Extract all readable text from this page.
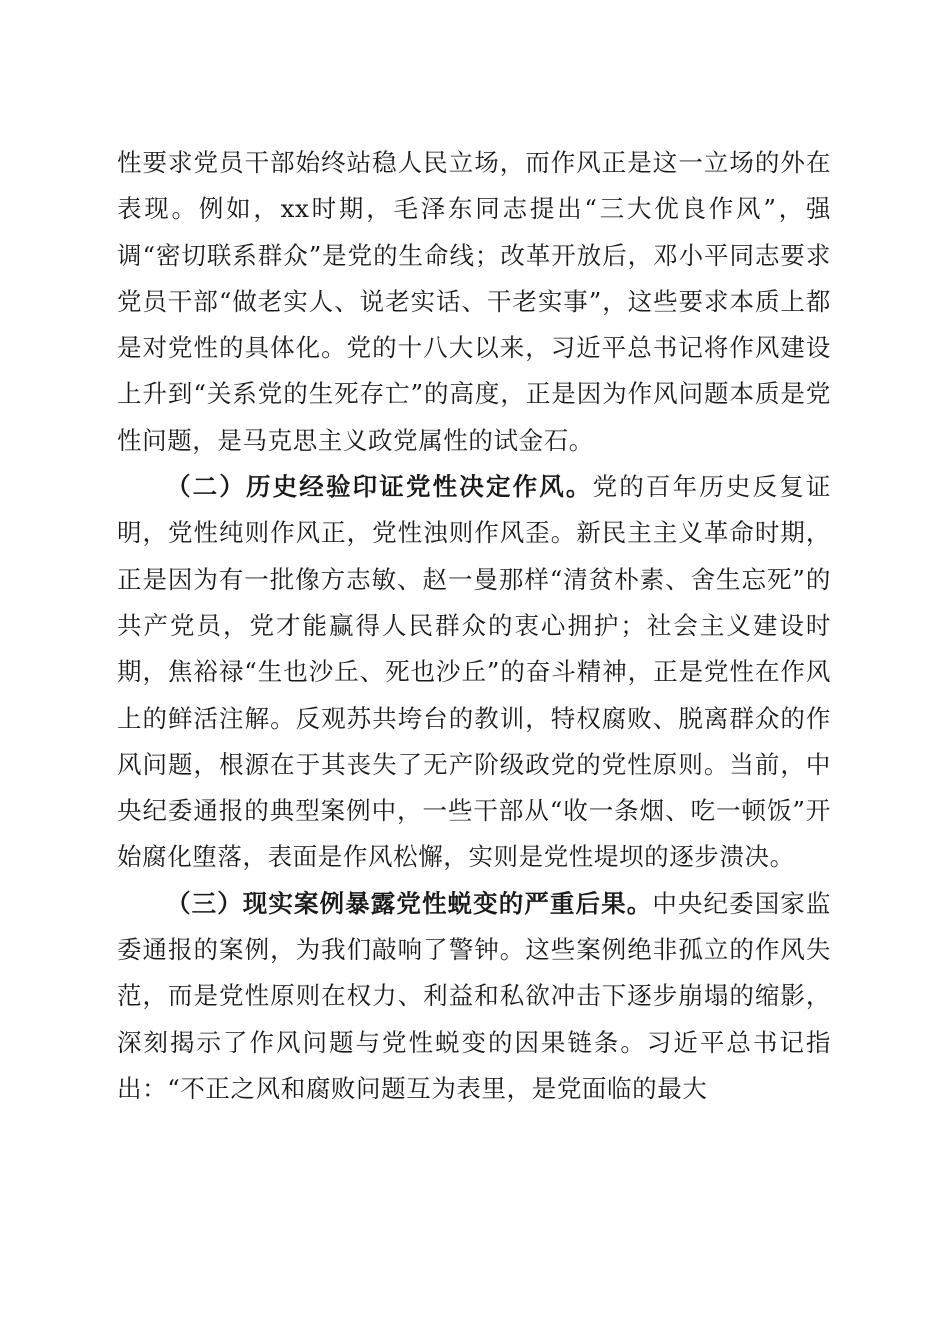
性要求党员干部始终站稳人民立场，而作风正是这一立场的外在表现。例如，xx时期，毛泽东同志提出“三大优良作风”，强调“密切联系群众”是党的生命线；改革开放后，邓小平同志要求党员干部“做老实人、说老实话、干老实事”，这些要求本质上都是对党性的具体化。党的十八大以来，习近平总书记将作风建设上升到“关系党的生死存亡”的高度，正是因为作风问题本质是党性问题，是马克思主义政党属性的试金石。

（二）历史经验印证党性决定作风。党的百年历史反复证明，党性纯则作风正，党性浊则作风歪。新民主主义革命时期，正是因为有一批像方志敏、赵一曼那样“清贫朴素、舍生忘死”的共产党员，党才能赢得人民群众的衷心拥护；社会主义建设时期，焦裕禄“生也沙丘、死也沙丘”的奋斗精神，正是党性在作风上的鲜活注解。反观苏共垮台的教训，特权腐败、脱离群众的作风问题，根源在于其丧失了无产阶级政党的党性原则。当前，中央纪委通报的典型案例中，一些干部从“收一条烟、吃一顿饭”开始腐化堕落，表面是作风松懈，实则是党性堤坝的逐步溃决。

（三）现实案例暴露党性蜕变的严重后果。中央纪委国家监委通报的案例，为我们敲响了警钟。这些案例绝非孤立的作风失范，而是党性原则在权力、利益和私欲冲击下逐步崩塌的缩影，深刻揭示了作风问题与党性蜕变的因果链条。习近平总书记指出：“不正之风和腐败问题互为表里，是党面临的最大
